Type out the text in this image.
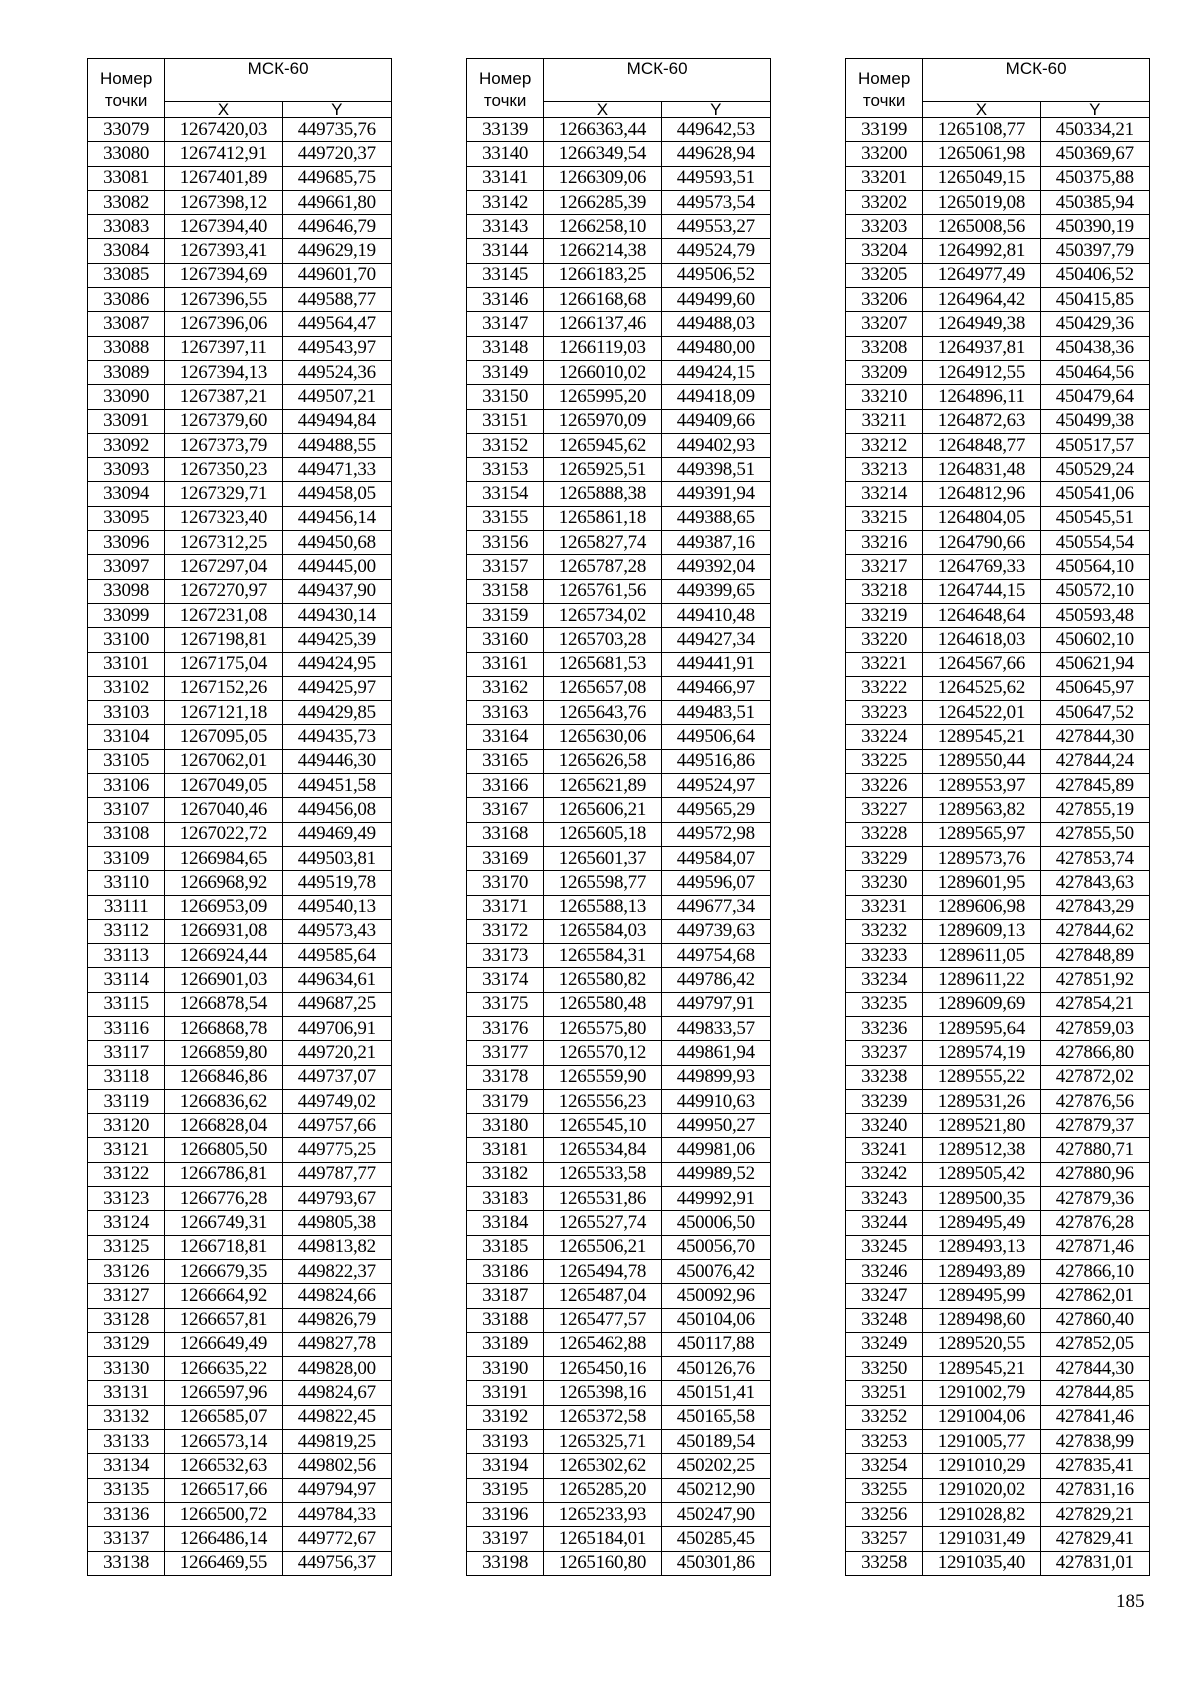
Номер точки	МСК-60	
	X	Y
33079	1267420,03	449735,76
33080	1267412,91	449720,37
33081	1267401,89	449685,75
33082	1267398,12	449661,80
33083	1267394,40	449646,79
33084	1267393,41	449629,19
33085	1267394,69	449601,70
33086	1267396,55	449588,77
33087	1267396,06	449564,47
33088	1267397,11	449543,97
33089	1267394,13	449524,36
33090	1267387,21	449507,21
33091	1267379,60	449494,84
33092	1267373,79	449488,55
33093	1267350,23	449471,33
33094	1267329,71	449458,05
33095	1267323,40	449456,14
33096	1267312,25	449450,68
33097	1267297,04	449445,00
33098	1267270,97	449437,90
33099	1267231,08	449430,14
33100	1267198,81	449425,39
33101	1267175,04	449424,95
33102	1267152,26	449425,97
33103	1267121,18	449429,85
33104	1267095,05	449435,73
33105	1267062,01	449446,30
33106	1267049,05	449451,58
33107	1267040,46	449456,08
33108	1267022,72	449469,49
33109	1266984,65	449503,81
33110	1266968,92	449519,78
33111	1266953,09	449540,13
33112	1266931,08	449573,43
33113	1266924,44	449585,64
33114	1266901,03	449634,61
33115	1266878,54	449687,25
33116	1266868,78	449706,91
33117	1266859,80	449720,21
33118	1266846,86	449737,07
33119	1266836,62	449749,02
33120	1266828,04	449757,66
33121	1266805,50	449775,25
33122	1266786,81	449787,77
33123	1266776,28	449793,67
33124	1266749,31	449805,38
33125	1266718,81	449813,82
33126	1266679,35	449822,37
33127	1266664,92	449824,66
33128	1266657,81	449826,79
33129	1266649,49	449827,78
33130	1266635,22	449828,00
33131	1266597,96	449824,67
33132	1266585,07	449822,45
33133	1266573,14	449819,25
33134	1266532,63	449802,56
33135	1266517,66	449794,97
33136	1266500,72	449784,33
33137	1266486,14	449772,67
33138	1266469,55	449756,37
Номер точки	МСК-60	
	X	Y
33139	1266363,44	449642,53
33140	1266349,54	449628,94
33141	1266309,06	449593,51
33142	1266285,39	449573,54
33143	1266258,10	449553,27
33144	1266214,38	449524,79
33145	1266183,25	449506,52
33146	1266168,68	449499,60
33147	1266137,46	449488,03
33148	1266119,03	449480,00
33149	1266010,02	449424,15
33150	1265995,20	449418,09
33151	1265970,09	449409,66
33152	1265945,62	449402,93
33153	1265925,51	449398,51
33154	1265888,38	449391,94
33155	1265861,18	449388,65
33156	1265827,74	449387,16
33157	1265787,28	449392,04
33158	1265761,56	449399,65
33159	1265734,02	449410,48
33160	1265703,28	449427,34
33161	1265681,53	449441,91
33162	1265657,08	449466,97
33163	1265643,76	449483,51
33164	1265630,06	449506,64
33165	1265626,58	449516,86
33166	1265621,89	449524,97
33167	1265606,21	449565,29
33168	1265605,18	449572,98
33169	1265601,37	449584,07
33170	1265598,77	449596,07
33171	1265588,13	449677,34
33172	1265584,03	449739,63
33173	1265584,31	449754,68
33174	1265580,82	449786,42
33175	1265580,48	449797,91
33176	1265575,80	449833,57
33177	1265570,12	449861,94
33178	1265559,90	449899,93
33179	1265556,23	449910,63
33180	1265545,10	449950,27
33181	1265534,84	449981,06
33182	1265533,58	449989,52
33183	1265531,86	449992,91
33184	1265527,74	450006,50
33185	1265506,21	450056,70
33186	1265494,78	450076,42
33187	1265487,04	450092,96
33188	1265477,57	450104,06
33189	1265462,88	450117,88
33190	1265450,16	450126,76
33191	1265398,16	450151,41
33192	1265372,58	450165,58
33193	1265325,71	450189,54
33194	1265302,62	450202,25
33195	1265285,20	450212,90
33196	1265233,93	450247,90
33197	1265184,01	450285,45
33198	1265160,80	450301,86
Номер точки	МСК-60	
	X	Y
33199	1265108,77	450334,21
33200	1265061,98	450369,67
33201	1265049,15	450375,88
33202	1265019,08	450385,94
33203	1265008,56	450390,19
33204	1264992,81	450397,79
33205	1264977,49	450406,52
33206	1264964,42	450415,85
33207	1264949,38	450429,36
33208	1264937,81	450438,36
33209	1264912,55	450464,56
33210	1264896,11	450479,64
33211	1264872,63	450499,38
33212	1264848,77	450517,57
33213	1264831,48	450529,24
33214	1264812,96	450541,06
33215	1264804,05	450545,51
33216	1264790,66	450554,54
33217	1264769,33	450564,10
33218	1264744,15	450572,10
33219	1264648,64	450593,48
33220	1264618,03	450602,10
33221	1264567,66	450621,94
33222	1264525,62	450645,97
33223	1264522,01	450647,52
33224	1289545,21	427844,30
33225	1289550,44	427844,24
33226	1289553,97	427845,89
33227	1289563,82	427855,19
33228	1289565,97	427855,50
33229	1289573,76	427853,74
33230	1289601,95	427843,63
33231	1289606,98	427843,29
33232	1289609,13	427844,62
33233	1289611,05	427848,89
33234	1289611,22	427851,92
33235	1289609,69	427854,21
33236	1289595,64	427859,03
33237	1289574,19	427866,80
33238	1289555,22	427872,02
33239	1289531,26	427876,56
33240	1289521,80	427879,37
33241	1289512,38	427880,71
33242	1289505,42	427880,96
33243	1289500,35	427879,36
33244	1289495,49	427876,28
33245	1289493,13	427871,46
33246	1289493,89	427866,10
33247	1289495,99	427862,01
33248	1289498,60	427860,40
33249	1289520,55	427852,05
33250	1289545,21	427844,30
33251	1291002,79	427844,85
33252	1291004,06	427841,46
33253	1291005,77	427838,99
33254	1291010,29	427835,41
33255	1291020,02	427831,16
33256	1291028,82	427829,21
33257	1291031,49	427829,41
33258	1291035,40	427831,01
185
